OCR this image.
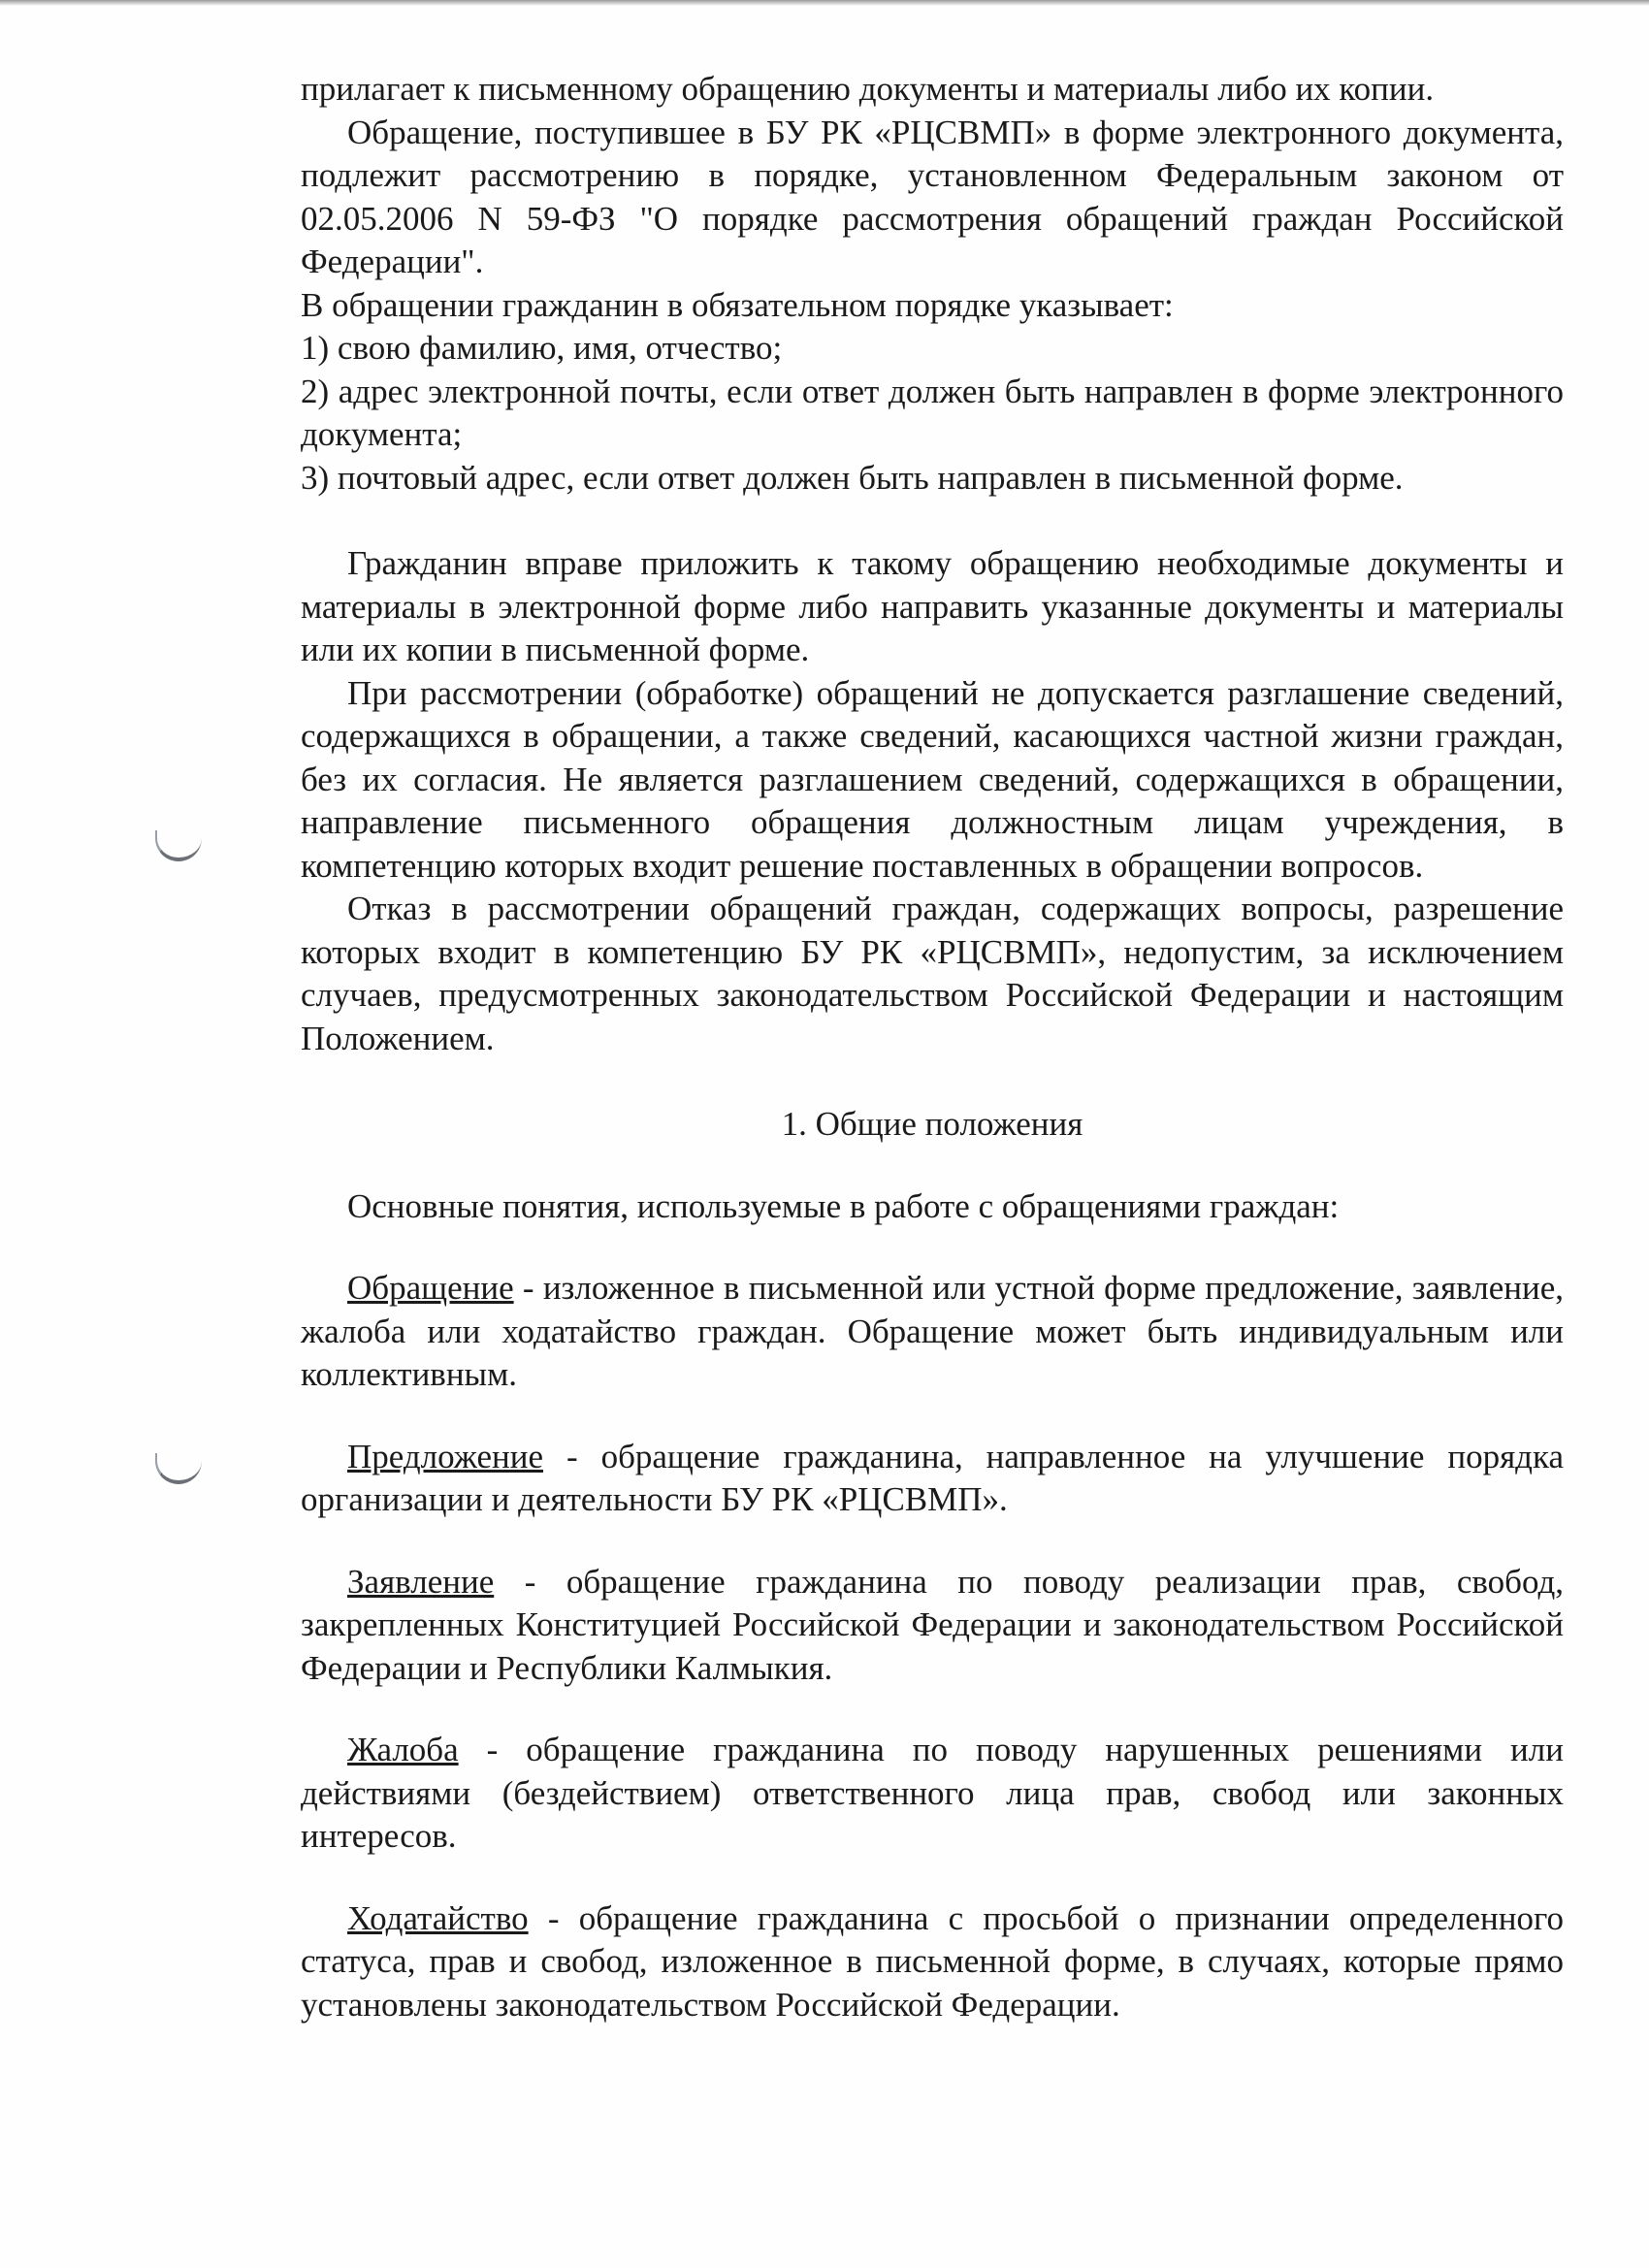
прилагает к письменному обращению документы и материалы либо их копии.

Обращение, поступившее в БУ РК «РЦСВМП» в форме электронного документа, подлежит рассмотрению в порядке, установленном Федеральным законом от 02.05.2006 N 59-ФЗ "О порядке рассмотрения обращений граждан Российской Федерации".

В обращении гражданин в обязательном порядке указывает:

1) свою фамилию, имя, отчество;

2) адрес электронной почты, если ответ должен быть направлен в форме электронного документа;

3) почтовый адрес, если ответ должен быть направлен в письменной форме.

Гражданин вправе приложить к такому обращению необходимые документы и материалы в электронной форме либо направить указанные документы и материалы или их копии в письменной форме.

При рассмотрении (обработке) обращений не допускается разглашение сведений, содержащихся в обращении, а также сведений, касающихся частной жизни граждан, без их согласия. Не является разглашением сведений, содержащихся в обращении, направление письменного обращения должностным лицам учреждения, в компетенцию которых входит решение поставленных в обращении вопросов.

Отказ в рассмотрении обращений граждан, содержащих вопросы, разрешение которых входит в компетенцию БУ РК «РЦСВМП», недопустим, за исключением случаев, предусмотренных законодательством Российской Федерации и настоящим Положением.

1. Общие положения

Основные понятия, используемые в работе с обращениями граждан:

Обращение - изложенное в письменной или устной форме предложение, заявление, жалоба или ходатайство граждан. Обращение может быть индивидуальным или коллективным.

Предложение - обращение гражданина, направленное на улучшение порядка организации и деятельности БУ РК «РЦСВМП».

Заявление - обращение гражданина по поводу реализации прав, свобод, закрепленных Конституцией Российской Федерации и законодательством Российской Федерации и Республики Калмыкия.

Жалоба - обращение гражданина по поводу нарушенных решениями или действиями (бездействием) ответственного лица прав, свобод или законных интересов.

Ходатайство - обращение гражданина с просьбой о признании определенного статуса, прав и свобод, изложенное в письменной форме, в случаях, которые прямо установлены законодательством Российской Федерации.
